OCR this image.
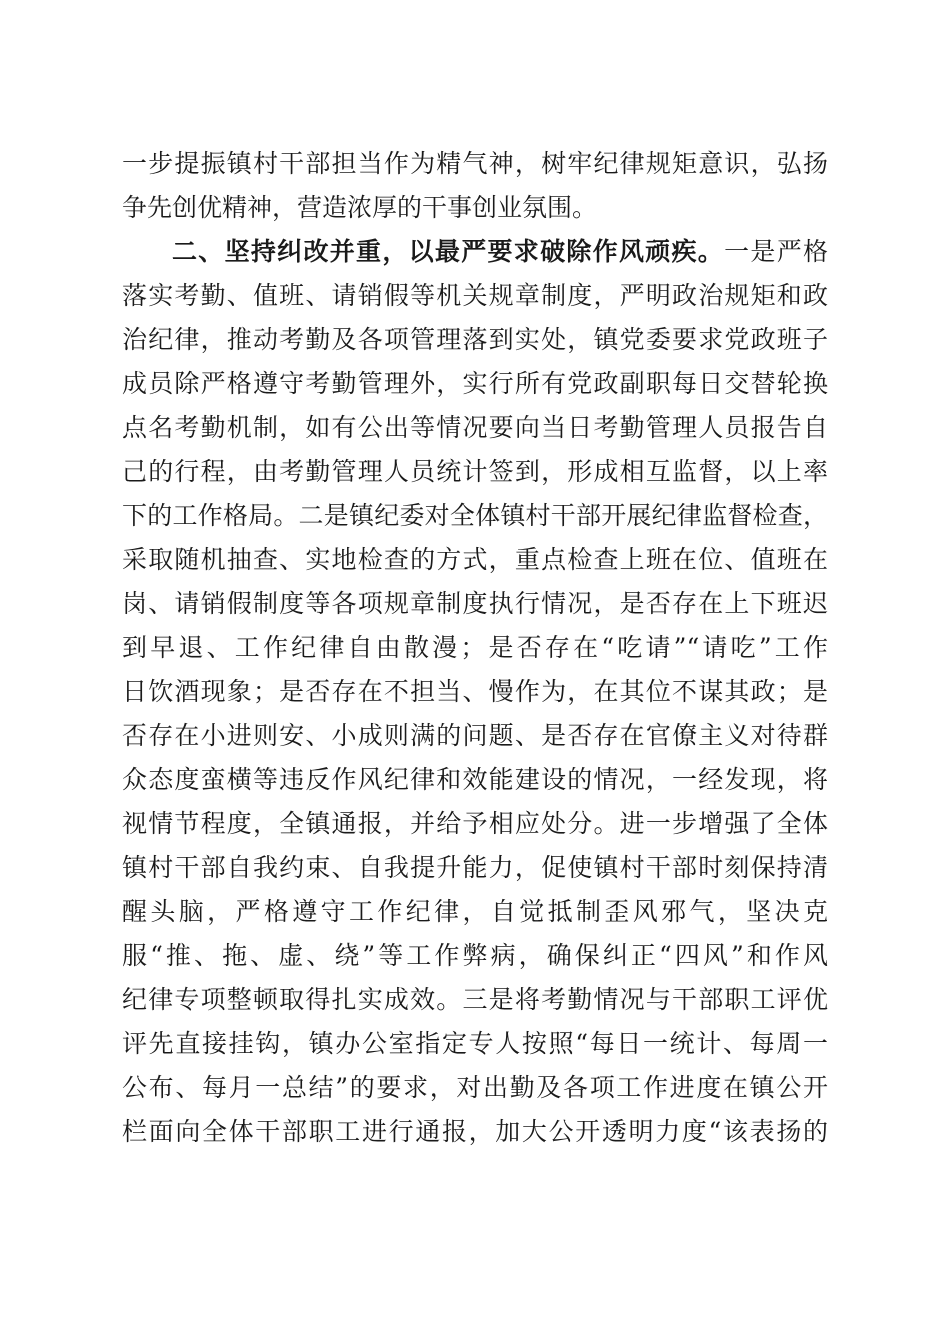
一步提振镇村干部担当作为精气神，树牢纪律规矩意识，弘扬
争先创优精神，营造浓厚的干事创业氛围。
二、坚持纠改并重，以最严要求破除作风顽疾。一是严格
落实考勤、值班、请销假等机关规章制度，严明政治规矩和政
治纪律，推动考勤及各项管理落到实处，镇党委要求党政班子
成员除严格遵守考勤管理外，实行所有党政副职每日交替轮换
点名考勤机制，如有公出等情况要向当日考勤管理人员报告自
己的行程，由考勤管理人员统计签到，形成相互监督，以上率
下的工作格局。二是镇纪委对全体镇村干部开展纪律监督检查，
采取随机抽查、实地检查的方式，重点检查上班在位、值班在
岗、请销假制度等各项规章制度执行情况，是否存在上下班迟
到早退、工作纪律自由散漫；是否存在“吃请”“请吃”工作
日饮酒现象；是否存在不担当、慢作为，在其位不谋其政；是
否存在小进则安、小成则满的问题、是否存在官僚主义对待群
众态度蛮横等违反作风纪律和效能建设的情况，一经发现，将
视情节程度，全镇通报，并给予相应处分。进一步增强了全体
镇村干部自我约束、自我提升能力，促使镇村干部时刻保持清
醒头脑，严格遵守工作纪律，自觉抵制歪风邪气，坚决克
服“推、拖、虚、绕”等工作弊病，确保纠正“四风”和作风
纪律专项整顿取得扎实成效。三是将考勤情况与干部职工评优
评先直接挂钩，镇办公室指定专人按照“每日一统计、每周一
公布、每月一总结”的要求，对出勤及各项工作进度在镇公开
栏面向全体干部职工进行通报，加大公开透明力度“该表扬的
